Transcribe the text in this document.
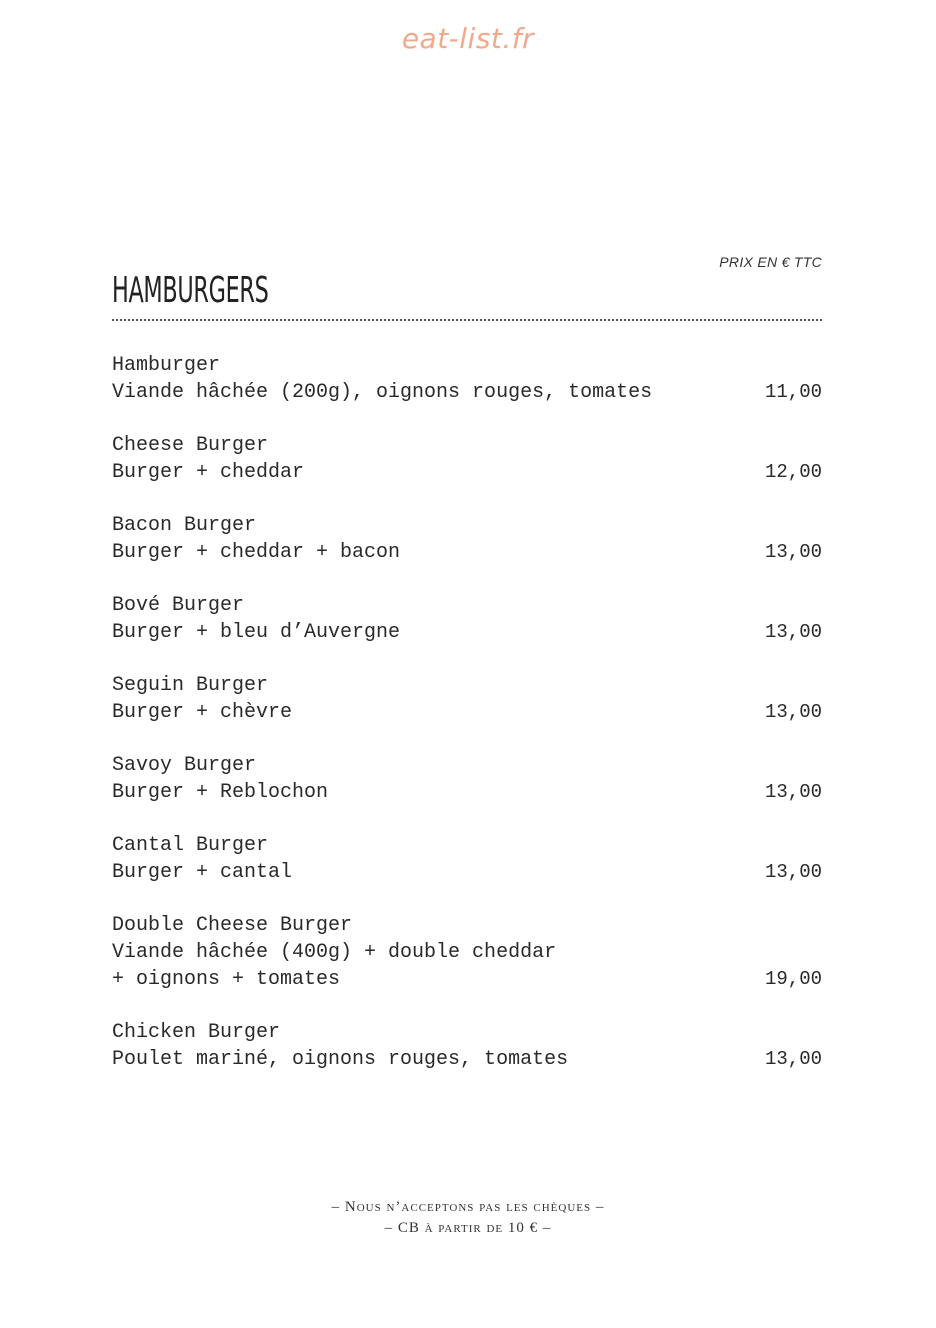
eat-list.fr
PRIX EN € TTC
HAMBURGERS
Hamburger
Viande hâchée (200g), oignons rouges, tomates	11,00
Cheese Burger
Burger + cheddar	12,00
Bacon Burger
Burger + cheddar + bacon	13,00
Bové Burger
Burger + bleu d’Auvergne	13,00
Seguin Burger
Burger + chèvre	13,00
Savoy Burger
Burger + Reblochon	13,00
Cantal Burger
Burger + cantal	13,00
Double Cheese Burger
Viande hâchée (400g) + double cheddar
+ oignons + tomates	19,00
Chicken Burger
Poulet mariné, oignons rouges, tomates	13,00
– Nous n’acceptons pas les chèques –
– CB à partir de 10 € –
